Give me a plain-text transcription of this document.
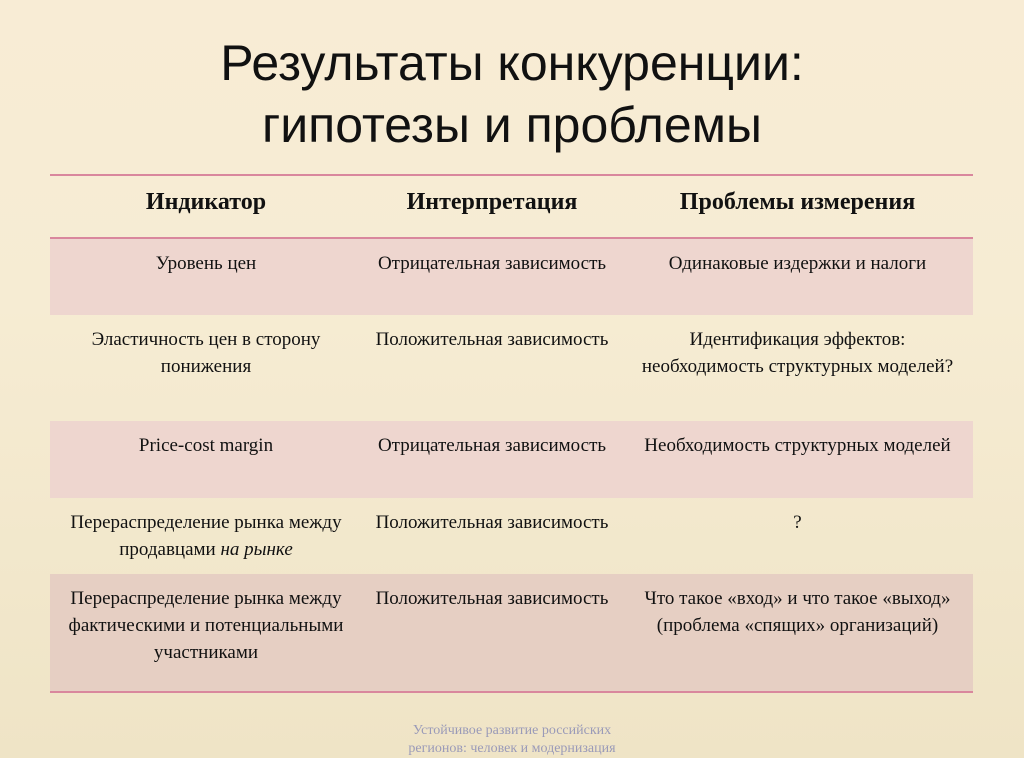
Результаты конкуренции:
гипотезы и проблемы
Индикатор	Интерпретация	Проблемы измерения
Уровень цен	Отрицательная зависимость	Одинаковые издержки и налоги
Эластичность цен в сторону понижения	Положительная зависимость	Идентификация эффектов: необходимость структурных моделей?
Price-cost margin	Отрицательная зависимость	Необходимость структурных моделей
Перераспределение рынка между продавцами на рынке	Положительная зависимость	?
Перераспределение рынка между фактическими и потенциальными участниками	Положительная зависимость	Что такое «вход» и что такое «выход» (проблема «спящих» организаций)
Устойчивое развитие российских
регионов: человек и модернизация
